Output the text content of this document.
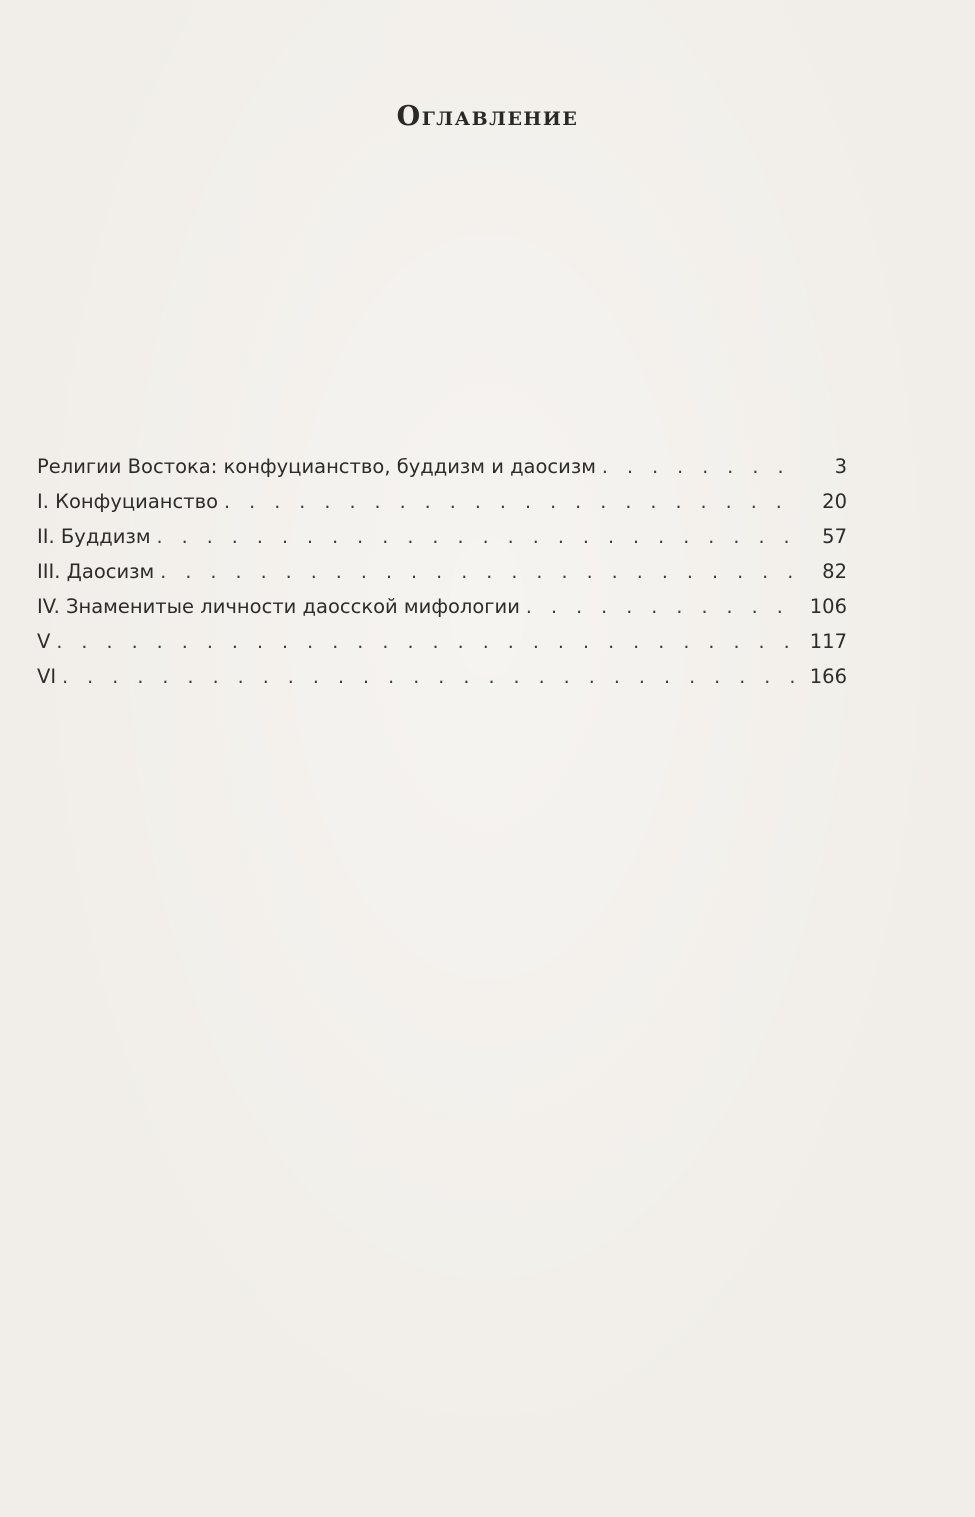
Оглавление
Религии Востока: конфуцианство, буддизм и даосизм . . .	3
I. Конфуцианство . . .	20
II. Буддизм . . .	57
III. Даосизм . . .	82
IV. Знаменитые личности даосской мифологии . . .	106
V . . .	117
VI . . .	166
